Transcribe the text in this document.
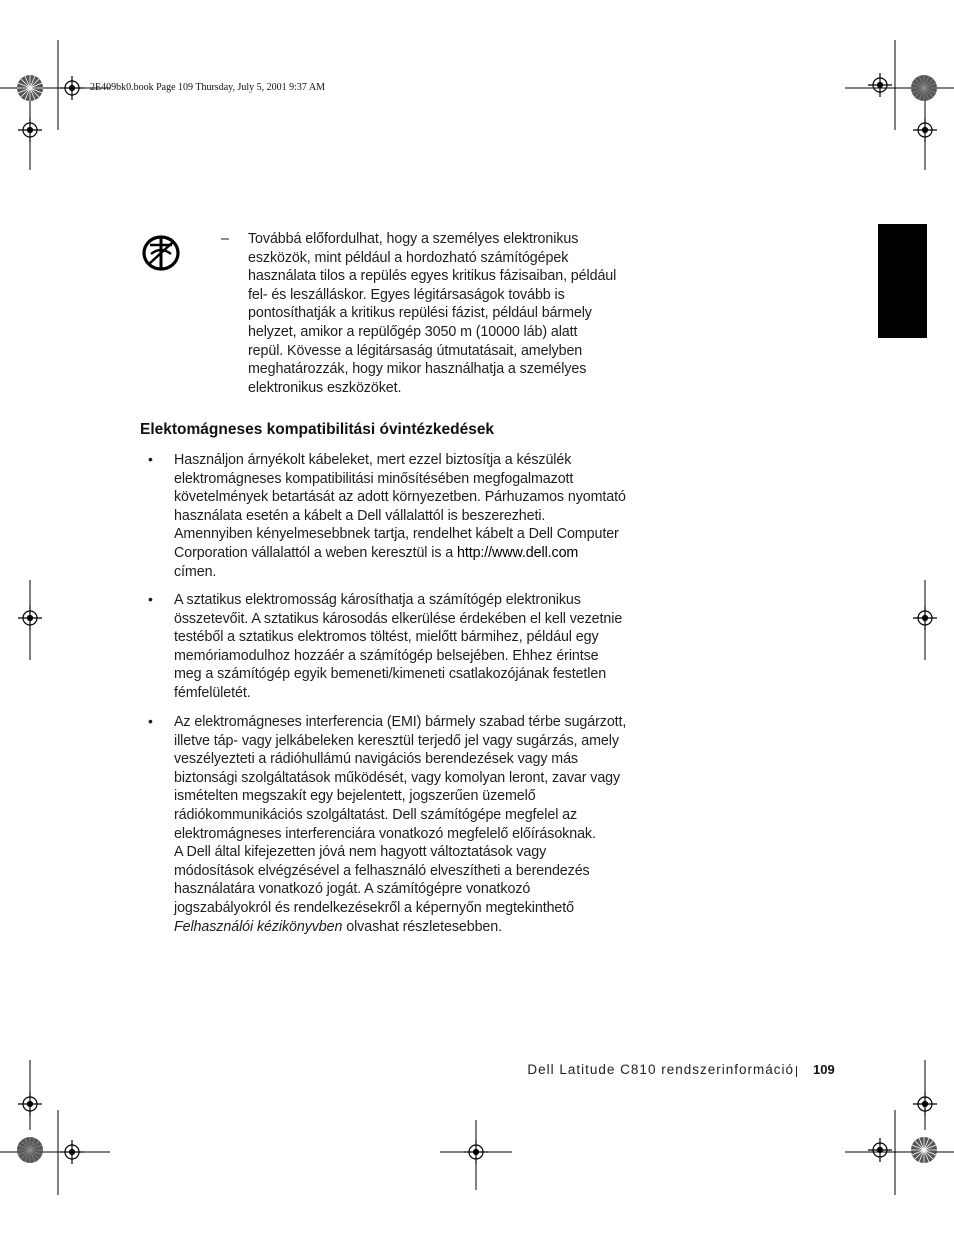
2E409bk0.book Page 109 Thursday, July 5, 2001 9:37 AM
– Továbbá előfordulhat, hogy a személyes elektronikus
eszközök, mint például a hordozható számítógépek
használata tilos a repülés egyes kritikus fázisaiban, például
fel- és leszálláskor. Egyes légitársaságok tovább is
pontosíthatják a kritikus repülési fázist, például bármely
helyzet, amikor a repülőgép 3050 m (10000 láb) alatt
repül. Kövesse a légitársaság útmutatásait, amelyben
meghatározzák, hogy mikor használhatja a személyes
elektronikus eszközöket.
Elektomágneses kompatibilitási óvintézkedések
• Használjon árnyékolt kábeleket, mert ezzel biztosítja a készülék
elektromágneses kompatibilitási minősítésében megfogalmazott
követelmények betartását az adott környezetben. Párhuzamos nyomtató
használata esetén a kábelt a Dell vállalattól is beszerezheti.
Amennyiben kényelmesebbnek tartja, rendelhet kábelt a Dell Computer
Corporation vállalattól a weben keresztül is a http://www.dell.com
címen.
• A sztatikus elektromosság károsíthatja a számítógép elektronikus
összetevőit. A sztatikus károsodás elkerülése érdekében el kell vezetnie
testéből a sztatikus elektromos töltést, mielőtt bármihez, például egy
memóriamodulhoz hozzáér a számítógép belsejében. Ehhez érintse
meg a számítógép egyik bemeneti/kimeneti csatlakozójának festetlen
fémfelületét.
• Az elektromágneses interferencia (EMI) bármely szabad térbe sugárzott,
illetve táp- vagy jelkábeleken keresztül terjedő jel vagy sugárzás, amely
veszélyezteti a rádióhullámú navigációs berendezések vagy más
biztonsági szolgáltatások működését, vagy komolyan leront, zavar vagy
ismételten megszakít egy bejelentett, jogszerűen üzemelő
rádiókommunikációs szolgáltatást. Dell számítógépe megfelel az
elektromágneses interferenciára vonatkozó megfelelő előírásoknak.
A Dell által kifejezetten jóvá nem hagyott változtatások vagy
módosítások elvégzésével a felhasználó elveszítheti a berendezés
használatára vonatkozó jogát. A számítógépre vonatkozó
jogszabályokról és rendelkezésekről a képernyőn megtekinthető
Felhasználói kézikönyvben olvashat részletesebben.
Dell Latitude C810 rendszerinformáció 109
